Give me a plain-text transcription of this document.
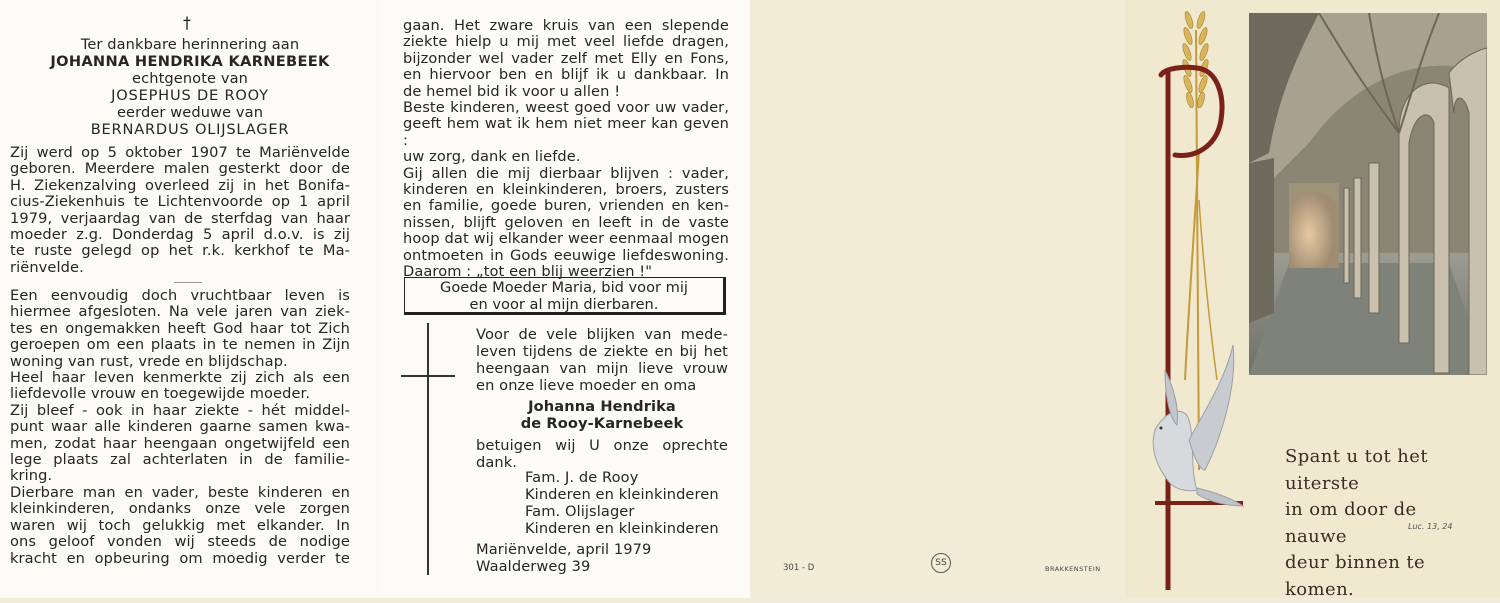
†
Ter dankbare herinnering aan
JOHANNA HENDRIKA KARNEBEEK
echtgenote van
JOSEPHUS DE ROOY
eerder weduwe van
BERNARDUS OLIJSLAGER
Zij werd op 5 oktober 1907 te Mariënvelde
geboren. Meerdere malen gesterkt door de
H. Ziekenzalving overleed zij in het Bonifa-
cius-Ziekenhuis te Lichtenvoorde op 1 april
1979, verjaardag van de sterfdag van haar
moeder z.g. Donderdag 5 april d.o.v. is zij
te ruste gelegd op het r.k. kerkhof te Ma-
riënvelde.
Een eenvoudig doch vruchtbaar leven is
hiermee afgesloten. Na vele jaren van ziek-
tes en ongemakken heeft God haar tot Zich
geroepen om een plaats in te nemen in Zijn
woning van rust, vrede en blijdschap.
Heel haar leven kenmerkte zij zich als een
liefdevolle vrouw en toegewijde moeder.
Zij bleef - ook in haar ziekte - hét middel-
punt waar alle kinderen gaarne samen kwa-
men, zodat haar heengaan ongetwijfeld een
lege plaats zal achterlaten in de familie-
kring.
Dierbare man en vader, beste kinderen en
kleinkinderen, ondanks onze vele zorgen
waren wij toch gelukkig met elkander. In
ons geloof vonden wij steeds de nodige
kracht en opbeuring om moedig verder te
gaan. Het zware kruis van een slepende
ziekte hielp u mij met veel liefde dragen,
bijzonder wel vader zelf met Elly en Fons,
en hiervoor ben en blijf ik u dankbaar. In
de hemel bid ik voor u allen !
Beste kinderen, weest goed voor uw vader,
geeft hem wat ik hem niet meer kan geven :
uw zorg, dank en liefde.
Gij allen die mij dierbaar blijven : vader,
kinderen en kleinkinderen, broers, zusters
en familie, goede buren, vrienden en ken-
nissen, blijft geloven en leeft in de vaste
hoop dat wij elkander weer eenmaal mogen
ontmoeten in Gods eeuwige liefdeswoning.
Daarom : „tot een blij weerzien !"
Goede Moeder Maria, bid voor mij
en voor al mijn dierbaren.
Voor de vele blijken van mede-
leven tijdens de ziekte en bij het
heengaan van mijn lieve vrouw
en onze lieve moeder en oma
Johanna Hendrika
de Rooy-Karnebeek
betuigen wij U onze oprechte
dank.
Fam. J. de Rooy
Kinderen en kleinkinderen
Fam. Olijslager
Kinderen en kleinkinderen
Mariënvelde, april 1979
Waalderweg 39	301 - D	SS
BRAKKENSTEIN
Spant u tot het uiterste
in om door de nauwe
deur binnen te komen.
Luc. 13, 24
